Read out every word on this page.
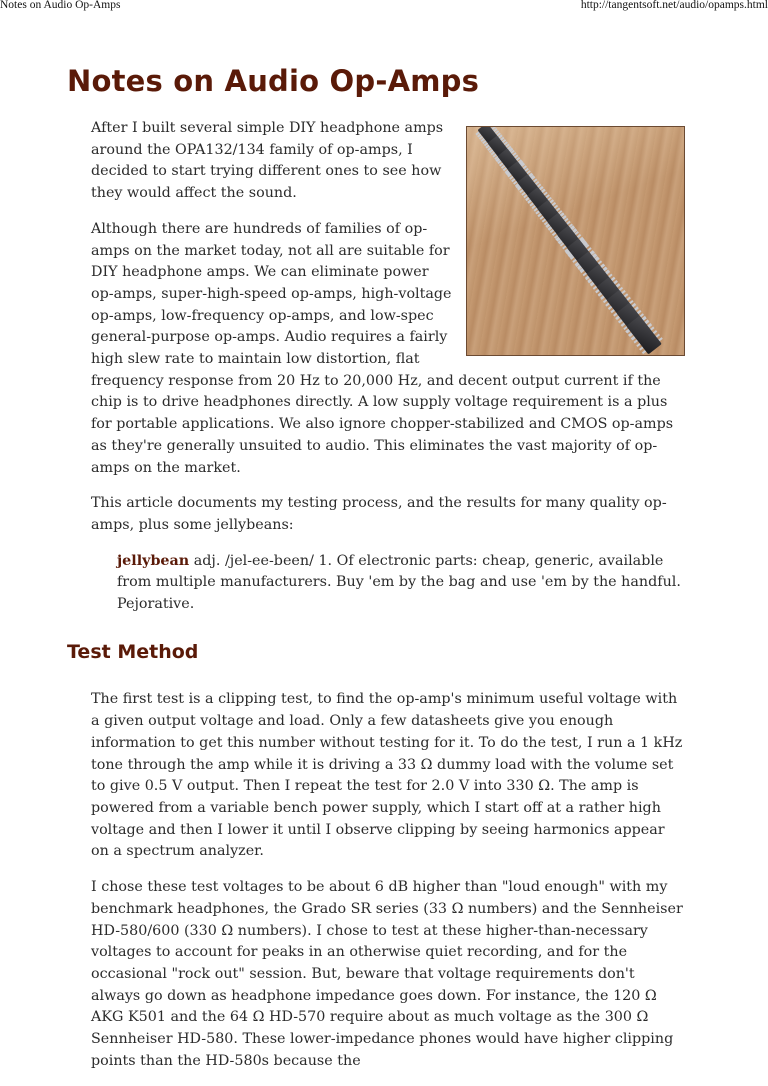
Notes on Audio Op-Amps	http://tangentsoft.net/audio/opamps.html
Notes on Audio Op-Amps

After I built several simple DIY headphone amps around the OPA132/134 family of op-amps, I decided to start trying different ones to see how they would affect the sound.

Although there are hundreds of families of op-amps on the market today, not all are suitable for DIY headphone amps. We can eliminate power op-amps, super-high-speed op-amps, high-voltage op-amps, low-frequency op-amps, and low-spec general-purpose op-amps. Audio requires a fairly high slew rate to maintain low distortion, flat frequency response from 20 Hz to 20,000 Hz, and decent output current if the chip is to drive headphones directly. A low supply voltage requirement is a plus for portable applications. We also ignore chopper-stabilized and CMOS op-amps as they're generally unsuited to audio. This eliminates the vast majority of op-amps on the market.

This article documents my testing process, and the results for many quality op-amps, plus some jellybeans:

jellybean adj. /jel-ee-been/ 1. Of electronic parts: cheap, generic, available from multiple manufacturers. Buy 'em by the bag and use 'em by the handful. Pejorative.
Test Method

The first test is a clipping test, to find the op-amp's minimum useful voltage with a given output voltage and load. Only a few datasheets give you enough information to get this number without testing for it. To do the test, I run a 1 kHz tone through the amp while it is driving a 33 Ω dummy load with the volume set to give 0.5 V output. Then I repeat the test for 2.0 V into 330 Ω. The amp is powered from a variable bench power supply, which I start off at a rather high voltage and then I lower it until I observe clipping by seeing harmonics appear on a spectrum analyzer.

I chose these test voltages to be about 6 dB higher than "loud enough" with my benchmark headphones, the Grado SR series (33 Ω numbers) and the Sennheiser HD-580/600 (330 Ω numbers). I chose to test at these higher-than-necessary voltages to account for peaks in an otherwise quiet recording, and for the occasional "rock out" session. But, beware that voltage requirements don't always go down as headphone impedance goes down. For instance, the 120 Ω AKG K501 and the 64 Ω HD-570 require about as much voltage as the 300 Ω Sennheiser HD-580. These lower-impedance phones would have higher clipping points than the HD-580s because the
